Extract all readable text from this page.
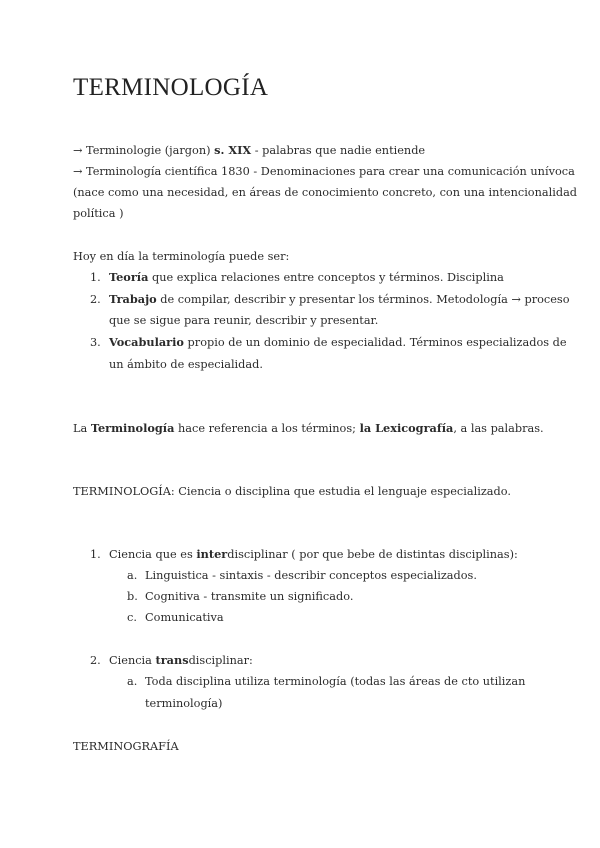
TERMINOLOGÍA
→ Terminologie (jargon) s. XIX - palabras que nadie entiende
→ Terminología científica 1830 - Denominaciones para crear una comunicación unívoca
(nace como una necesidad, en áreas de conocimiento concreto, con una intencionalidad
política )
Hoy en día la terminología puede ser:
1. Teoría que explica relaciones entre conceptos y términos. Disciplina
2. Trabajo de compilar, describir y presentar los términos. Metodología → proceso
que se sigue para reunir, describir y presentar.
3. Vocabulario propio de un dominio de especialidad. Términos especializados de
un ámbito de especialidad.
La Terminología hace referencia a los términos; la Lexicografía, a las palabras.
TERMINOLOGÍA: Ciencia o disciplina que estudia el lenguaje especializado.
1. Ciencia que es interdisciplinar ( por que bebe de distintas disciplinas):
a. Linguistica - sintaxis - describir conceptos especializados.
b. Cognitiva - transmite un significado.
c. Comunicativa
2. Ciencia transdisciplinar:
a. Toda disciplina utiliza terminología (todas las áreas de cto utilizan
terminología)
TERMINOGRAFÍA
